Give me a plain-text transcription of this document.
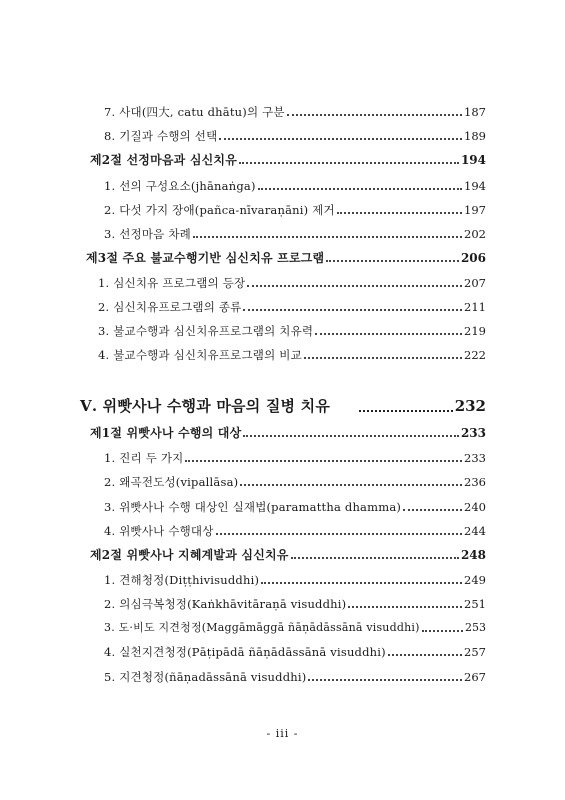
7. 사대(四大, catu dhātu)의 구분	187
8. 기질과 수행의 선택	189
제2절 선정마음과 심신치유	194
1. 선의 구성요소(jhānaṅga)	194
2. 다섯 가지 장애(pañca-nīvaraṇāni) 제거	197
3. 선정마음 차례	202
제3절 주요 불교수행기반 심신치유 프로그램	206
1. 심신치유 프로그램의 등장	207
2. 심신치유프로그램의 종류	211
3. 불교수행과 심신치유프로그램의 치유력	219
4. 불교수행과 심신치유프로그램의 비교	222
Ⅴ. 위빳사나 수행과 마음의 질병 치유	232
제1절 위빳사나 수행의 대상	233
1. 진리 두 가지	233
2. 왜곡전도성(vipallāsa)	236
3. 위빳사나 수행 대상인 실재법(paramattha dhamma)	240
4. 위빳사나 수행대상	244
제2절 위빳사나 지혜계발과 심신치유	248
1. 견해청정(Diṭṭhivisuddhi)	249
2. 의심극복청정(Kaṅkhāvitāraṇā visuddhi)	251
3. 도·비도 지견청정(Maggāmāggā ñāṇādāssānā visuddhi)	253
4. 실천지견청정(Pāṭipādā ñāṇādāssānā visuddhi)	257
5. 지견청정(ñāṇadāssānā visuddhi)	267
- iii -
